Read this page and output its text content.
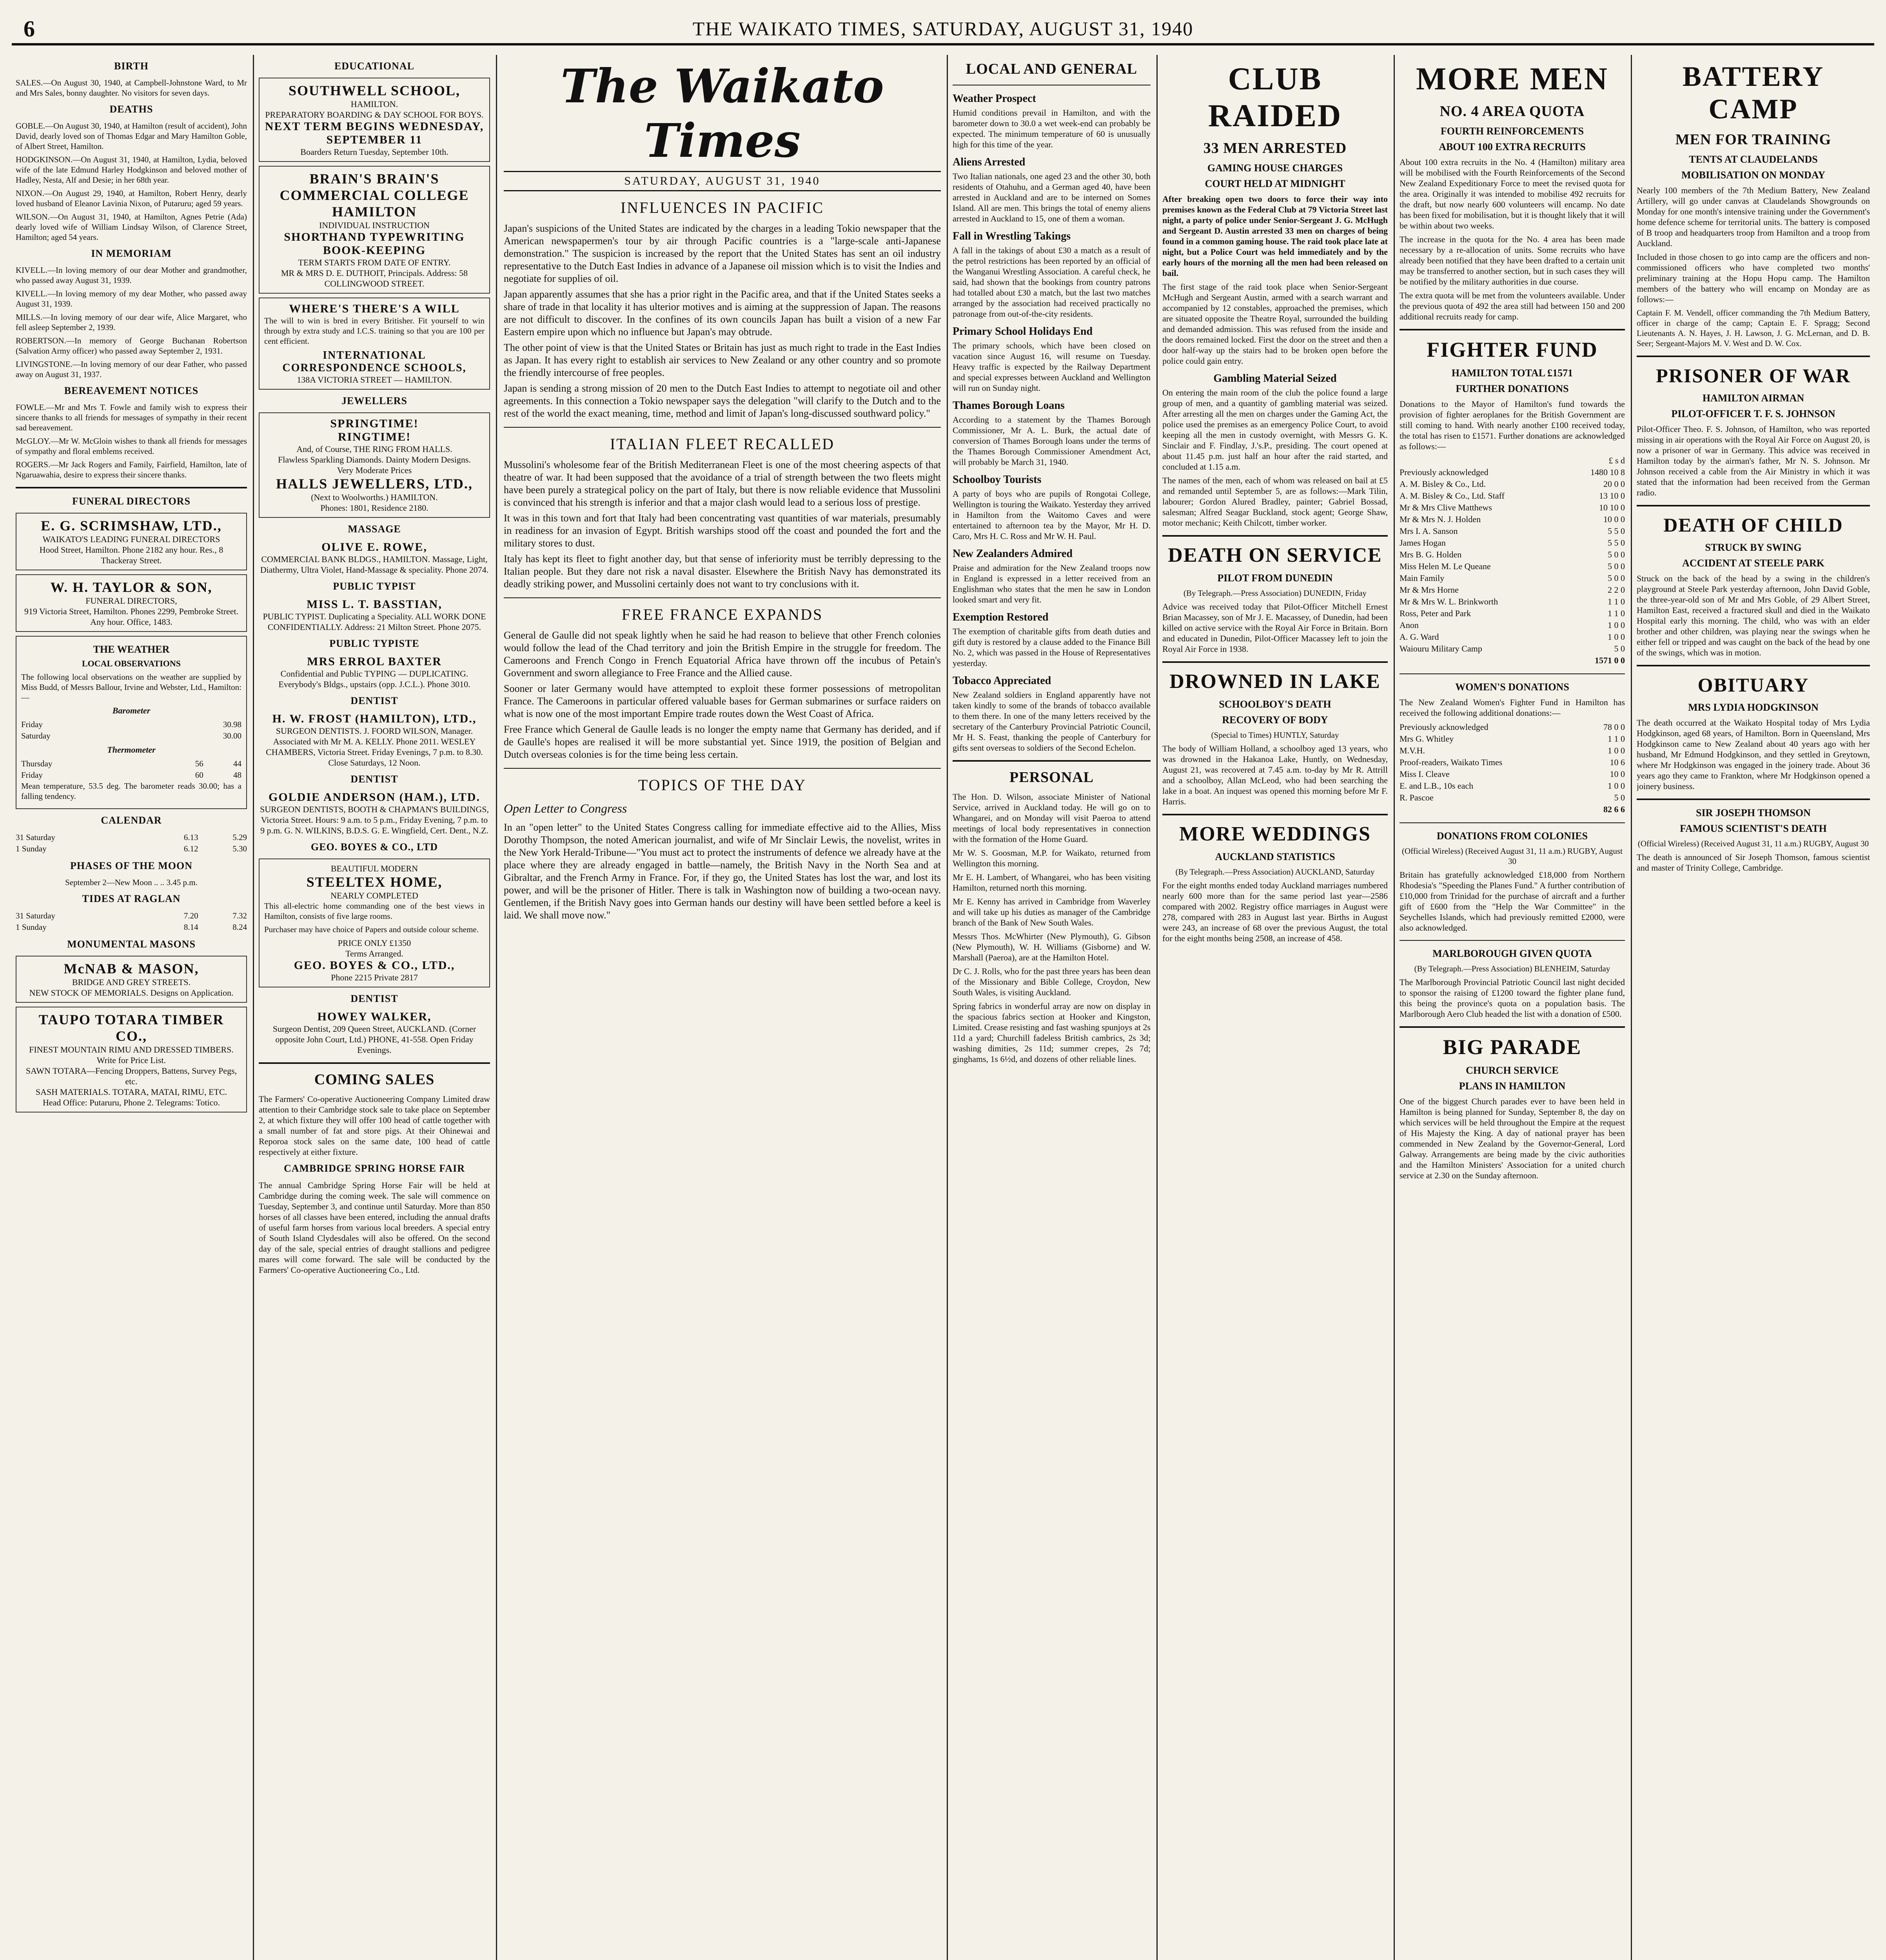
6	THE WAIKATO TIMES, SATURDAY, AUGUST 31, 1940
BIRTH
SALES.—On August 30, 1940, at Campbell-Johnstone Ward, to Mr and Mrs Sales, bonny daughter. No visitors for seven days.
DEATHS
GOBLE.—On August 30, 1940, at Hamilton (result of accident), John David, dearly loved son of Thomas Edgar and Mary Hamilton Goble, of Albert Street, Hamilton.
HODGKINSON.—On August 31, 1940, at Hamilton, Lydia, beloved wife of the late Edmund Harley Hodgkinson and beloved mother of Hadley, Nesta, Alf and Desie; in her 68th year.
NIXON.—On August 29, 1940, at Hamilton, Robert Henry, dearly loved husband of Eleanor Lavinia Nixon, of Putaruru; aged 59 years.
WILSON.—On August 31, 1940, at Hamilton, Agnes Petrie (Ada) dearly loved wife of William Lindsay Wilson, of Clarence Street, Hamilton; aged 54 years.
IN MEMORIAM
KIVELL.—In loving memory of our dear Mother and grandmother, who passed away August 31, 1939.
KIVELL.—In loving memory of my dear Mother, who passed away August 31, 1939.
MILLS.—In loving memory of our dear wife, Alice Margaret, who fell asleep September 2, 1939.
ROBERTSON.—In memory of George Buchanan Robertson (Salvation Army officer) who passed away September 2, 1931.
LIVINGSTONE.—In loving memory of our dear Father, who passed away on August 31, 1937.
BEREAVEMENT NOTICES
FOWLE.—Mr and Mrs T. Fowle and family wish to express their sincere thanks to all friends for messages of sympathy in their recent sad bereavement.
McGLOY.—Mr W. McGloin wishes to thank all friends for messages of sympathy and floral emblems received.
ROGERS.—Mr Jack Rogers and Family, Fairfield, Hamilton, late of Ngaruawahia, desire to express their sincere thanks.
FUNERAL DIRECTORS
E. G. SCRIMSHAW, LTD.,
WAIKATO'S LEADING FUNERAL DIRECTORS
Hood Street, Hamilton. Phone 2182 any hour. Res., 8 Thackeray Street.
W. H. TAYLOR & SON,
FUNERAL DIRECTORS,
919 Victoria Street, Hamilton. Phones 2299, Pembroke Street. Any hour. Office, 1483.
THE WEATHER
LOCAL OBSERVATIONS
The following local observations on the weather are supplied by Miss Budd, of Messrs Ballour, Irvine and Webster, Ltd., Hamilton:—
Barometer
Friday	30.98
Saturday	30.00
Thermometer
Thursday	56	44
Friday	60	48
Mean temperature, 53.5 deg. The barometer reads 30.00; has a falling tendency.
CALENDAR
31 Saturday	6.13	5.29
1 Sunday	6.12	5.30
PHASES OF THE MOON
September 2—New Moon .. .. 3.45 p.m.
TIDES AT RAGLAN
31 Saturday	7.20	7.32
1 Sunday	8.14	8.24
MONUMENTAL MASONS
McNAB & MASON,
BRIDGE AND GREY STREETS.
NEW STOCK OF MEMORIALS. Designs on Application.
TAUPO TOTARA TIMBER CO.,
FINEST MOUNTAIN RIMU AND DRESSED TIMBERS.
Write for Price List.
SAWN TOTARA—Fencing Droppers, Battens, Survey Pegs, etc.
SASH MATERIALS. TOTARA, MATAI, RIMU, ETC.
Head Office: Putaruru, Phone 2. Telegrams: Totico.
EDUCATIONAL
SOUTHWELL SCHOOL,
HAMILTON.
PREPARATORY BOARDING & DAY SCHOOL FOR BOYS.
NEXT TERM BEGINS WEDNESDAY, SEPTEMBER 11
Boarders Return Tuesday, September 10th.
BRAIN'S BRAIN'S COMMERCIAL COLLEGE HAMILTON
INDIVIDUAL INSTRUCTION
SHORTHAND TYPEWRITING BOOK-KEEPING
TERM STARTS FROM DATE OF ENTRY.
MR & MRS D. E. DUTHOIT, Principals. Address: 58 COLLINGWOOD STREET.
WHERE'S THERE'S A WILL
The will to win is bred in every Britisher. Fit yourself to win through by extra study and I.C.S. training so that you are 100 per cent efficient.
INTERNATIONAL CORRESPONDENCE SCHOOLS,
138A VICTORIA STREET — HAMILTON.
JEWELLERS
SPRINGTIME!
RINGTIME!
And, of Course, THE RING FROM HALLS.
Flawless Sparkling Diamonds. Dainty Modern Designs.
Very Moderate Prices
HALLS JEWELLERS, LTD.,
(Next to Woolworths.) HAMILTON.
Phones: 1801, Residence 2180.
MASSAGE
OLIVE E. ROWE,
COMMERCIAL BANK BLDGS., HAMILTON. Massage, Light, Diathermy, Ultra Violet, Hand-Massage & speciality. Phone 2074.
PUBLIC TYPIST
MISS L. T. BASSTIAN,
PUBLIC TYPIST. Duplicating a Speciality. ALL WORK DONE CONFIDENTIALLY. Address: 21 Milton Street. Phone 2075.
PUBLIC TYPISTE
MRS ERROL BAXTER
Confidential and Public TYPING — DUPLICATING. Everybody's Bldgs., upstairs (opp. J.C.L.). Phone 3010.
DENTIST
H. W. FROST (HAMILTON), LTD.,
SURGEON DENTISTS. J. FOORD WILSON, Manager. Associated with Mr M. A. KELLY. Phone 2011. WESLEY CHAMBERS, Victoria Street. Friday Evenings, 7 p.m. to 8.30. Close Saturdays, 12 Noon.
DENTIST
GOLDIE ANDERSON (HAM.), LTD.
SURGEON DENTISTS, BOOTH & CHAPMAN'S BUILDINGS, Victoria Street. Hours: 9 a.m. to 5 p.m., Friday Evening, 7 p.m. to 9 p.m. G. N. WILKINS, B.D.S. G. E. Wingfield, Cert. Dent., N.Z.
GEO. BOYES & CO., LTD
BEAUTIFUL MODERN
STEELTEX HOME,
NEARLY COMPLETED
This all-electric home commanding one of the best views in Hamilton, consists of five large rooms.
Purchaser may have choice of Papers and outside colour scheme.
PRICE ONLY £1350
Terms Arranged.
GEO. BOYES & CO., LTD.,
Phone 2215 Private 2817
DENTIST
HOWEY WALKER,
Surgeon Dentist, 209 Queen Street, AUCKLAND. (Corner opposite John Court, Ltd.) PHONE, 41-558. Open Friday Evenings.
COMING SALES
The Farmers' Co-operative Auctioneering Company Limited draw attention to their Cambridge stock sale to take place on September 2, at which fixture they will offer 100 head of cattle together with a small number of fat and store pigs. At their Ohinewai and Reporoa stock sales on the same date, 100 head of cattle respectively at either fixture.
CAMBRIDGE SPRING HORSE FAIR
The annual Cambridge Spring Horse Fair will be held at Cambridge during the coming week. The sale will commence on Tuesday, September 3, and continue until Saturday. More than 850 horses of all classes have been entered, including the annual drafts of useful farm horses from various local breeders. A special entry of South Island Clydesdales will also be offered. On the second day of the sale, special entries of draught stallions and pedigree mares will come forward. The sale will be conducted by the Farmers' Co-operative Auctioneering Co., Ltd.
The Waikato Times
SATURDAY, AUGUST 31, 1940
INFLUENCES IN PACIFIC
Japan's suspicions of the United States are indicated by the charges in a leading Tokio newspaper that the American newspapermen's tour by air through Pacific countries is a "large-scale anti-Japanese demonstration." The suspicion is increased by the report that the United States has sent an oil industry representative to the Dutch East Indies in advance of a Japanese oil mission which is to visit the Indies and negotiate for supplies of oil.
Japan apparently assumes that she has a prior right in the Pacific area, and that if the United States seeks a share of trade in that locality it has ulterior motives and is aiming at the suppression of Japan. The reasons are not difficult to discover. In the confines of its own councils Japan has built a vision of a new Far Eastern empire upon which no influence but Japan's may obtrude.
The other point of view is that the United States or Britain has just as much right to trade in the East Indies as Japan. It has every right to establish air services to New Zealand or any other country and so promote the friendly intercourse of free peoples.
Japan is sending a strong mission of 20 men to the Dutch East Indies to attempt to negotiate oil and other agreements. In this connection a Tokio newspaper says the delegation "will clarify to the Dutch and to the rest of the world the exact meaning, time, method and limit of Japan's long-discussed southward policy."
ITALIAN FLEET RECALLED
Mussolini's wholesome fear of the British Mediterranean Fleet is one of the most cheering aspects of that theatre of war. It had been supposed that the avoidance of a trial of strength between the two fleets might have been purely a strategical policy on the part of Italy, but there is now reliable evidence that Mussolini is convinced that his strength is inferior and that a major clash would lead to a serious loss of prestige.
It was in this town and fort that Italy had been concentrating vast quantities of war materials, presumably in readiness for an invasion of Egypt. British warships stood off the coast and pounded the fort and the military stores to dust.
Italy has kept its fleet to fight another day, but that sense of inferiority must be terribly depressing to the Italian people. But they dare not risk a naval disaster. Elsewhere the British Navy has demonstrated its deadly striking power, and Mussolini certainly does not want to try conclusions with it.
FREE FRANCE EXPANDS
General de Gaulle did not speak lightly when he said he had reason to believe that other French colonies would follow the lead of the Chad territory and join the British Empire in the struggle for freedom. The Cameroons and French Congo in French Equatorial Africa have thrown off the incubus of Petain's Government and sworn allegiance to Free France and the Allied cause.
Sooner or later Germany would have attempted to exploit these former possessions of metropolitan France. The Cameroons in particular offered valuable bases for German submarines or surface raiders on what is now one of the most important Empire trade routes down the West Coast of Africa.
Free France which General de Gaulle leads is no longer the empty name that Germany has derided, and if de Gaulle's hopes are realised it will be more substantial yet. Since 1919, the position of Belgian and Dutch overseas colonies is for the time being less certain.
TOPICS OF THE DAY
Open Letter to Congress
In an "open letter" to the United States Congress calling for immediate effective aid to the Allies, Miss Dorothy Thompson, the noted American journalist, and wife of Mr Sinclair Lewis, the novelist, writes in the New York Herald-Tribune—"You must act to protect the instruments of defence we already have at the place where they are already engaged in battle—namely, the British Navy in the North Sea and at Gibraltar, and the French Army in France. For, if they go, the United States has lost the war, and lost its power, and will be the prisoner of Hitler. There is talk in Washington now of building a two-ocean navy. Gentlemen, if the British Navy goes into German hands our destiny will have been settled before a keel is laid. We shall move now."
LOCAL AND GENERAL
Weather Prospect
Humid conditions prevail in Hamilton, and with the barometer down to 30.0 a wet week-end can probably be expected. The minimum temperature of 60 is unusually high for this time of the year.
Aliens Arrested
Two Italian nationals, one aged 23 and the other 30, both residents of Otahuhu, and a German aged 40, have been arrested in Auckland and are to be interned on Somes Island. All are men. This brings the total of enemy aliens arrested in Auckland to 15, one of them a woman.
Fall in Wrestling Takings
A fall in the takings of about £30 a match as a result of the petrol restrictions has been reported by an official of the Wanganui Wrestling Association. A careful check, he said, had shown that the bookings from country patrons had totalled about £30 a match, but the last two matches arranged by the association had received practically no patronage from out-of-the-city residents.
Primary School Holidays End
The primary schools, which have been closed on vacation since August 16, will resume on Tuesday. Heavy traffic is expected by the Railway Department and special expresses between Auckland and Wellington will run on Sunday night.
Thames Borough Loans
According to a statement by the Thames Borough Commissioner, Mr A. L. Burk, the actual date of conversion of Thames Borough loans under the terms of the Thames Borough Commissioner Amendment Act, will probably be March 31, 1940.
Schoolboy Tourists
A party of boys who are pupils of Rongotai College, Wellington is touring the Waikato. Yesterday they arrived in Hamilton from the Waitomo Caves and were entertained to afternoon tea by the Mayor, Mr H. D. Caro, Mrs H. C. Ross and Mr W. H. Paul.
New Zealanders Admired
Praise and admiration for the New Zealand troops now in England is expressed in a letter received from an Englishman who states that the men he saw in London looked smart and very fit.
Exemption Restored
The exemption of charitable gifts from death duties and gift duty is restored by a clause added to the Finance Bill No. 2, which was passed in the House of Representatives yesterday.
Tobacco Appreciated
New Zealand soldiers in England apparently have not taken kindly to some of the brands of tobacco available to them there. In one of the many letters received by the secretary of the Canterbury Provincial Patriotic Council, Mr H. S. Feast, thanking the people of Canterbury for gifts sent overseas to soldiers of the Second Echelon.
PERSONAL
The Hon. D. Wilson, associate Minister of National Service, arrived in Auckland today. He will go on to Whangarei, and on Monday will visit Paeroa to attend meetings of local body representatives in connection with the formation of the Home Guard.
Mr W. S. Goosman, M.P. for Waikato, returned from Wellington this morning.
Mr E. H. Lambert, of Whangarei, who has been visiting Hamilton, returned north this morning.
Mr E. Kenny has arrived in Cambridge from Waverley and will take up his duties as manager of the Cambridge branch of the Bank of New South Wales.
Messrs Thos. McWhirter (New Plymouth), G. Gibson (New Plymouth), W. H. Williams (Gisborne) and W. Marshall (Paeroa), are at the Hamilton Hotel.
Dr C. J. Rolls, who for the past three years has been dean of the Missionary and Bible College, Croydon, New South Wales, is visiting Auckland.
Spring fabrics in wonderful array are now on display in the spacious fabrics section at Hooker and Kingston, Limited. Crease resisting and fast washing spunjoys at 2s 11d a yard; Churchill fadeless British cambrics, 2s 3d; washing dimities, 2s 11d; summer crepes, 2s 7d; ginghams, 1s 6½d, and dozens of other reliable lines.
CLUB RAIDED
33 MEN ARRESTED
GAMING HOUSE CHARGES
COURT HELD AT MIDNIGHT
After breaking open two doors to force their way into premises known as the Federal Club at 79 Victoria Street last night, a party of police under Senior-Sergeant J. G. McHugh and Sergeant D. Austin arrested 33 men on charges of being found in a common gaming house. The raid took place late at night, but a Police Court was held immediately and by the early hours of the morning all the men had been released on bail.
The first stage of the raid took place when Senior-Sergeant McHugh and Sergeant Austin, armed with a search warrant and accompanied by 12 constables, approached the premises, which are situated opposite the Theatre Royal, surrounded the building and demanded admission. This was refused from the inside and the doors remained locked. First the door on the street and then a door half-way up the stairs had to be broken open before the police could gain entry.
Gambling Material Seized
On entering the main room of the club the police found a large group of men, and a quantity of gambling material was seized. After arresting all the men on charges under the Gaming Act, the police used the premises as an emergency Police Court, to avoid keeping all the men in custody overnight, with Messrs G. K. Sinclair and F. Findlay, J.'s.P., presiding. The court opened at about 11.45 p.m. just half an hour after the raid started, and concluded at 1.15 a.m.
The names of the men, each of whom was released on bail at £5 and remanded until September 5, are as follows:—Mark Tilin, labourer; Gordon Alured Bradley, painter; Gabriel Bossad, salesman; Alfred Seagar Buckland, stock agent; George Shaw, motor mechanic; Keith Chilcott, timber worker.
DEATH ON SERVICE
PILOT FROM DUNEDIN
(By Telegraph.—Press Association) DUNEDIN, Friday
Advice was received today that Pilot-Officer Mitchell Ernest Brian Macassey, son of Mr J. E. Macassey, of Dunedin, had been killed on active service with the Royal Air Force in Britain. Born and educated in Dunedin, Pilot-Officer Macassey left to join the Royal Air Force in 1938.
DROWNED IN LAKE
SCHOOLBOY'S DEATH
RECOVERY OF BODY
(Special to Times) HUNTLY, Saturday
The body of William Holland, a schoolboy aged 13 years, who was drowned in the Hakanoa Lake, Huntly, on Wednesday, August 21, was recovered at 7.45 a.m. to-day by Mr R. Attrill and a schoolboy, Allan McLeod, who had been searching the lake in a boat. An inquest was opened this morning before Mr F. Harris.
MORE WEDDINGS
AUCKLAND STATISTICS
(By Telegraph.—Press Association) AUCKLAND, Saturday
For the eight months ended today Auckland marriages numbered nearly 600 more than for the same period last year—2586 compared with 2002. Registry office marriages in August were 278, compared with 283 in August last year. Births in August were 243, an increase of 68 over the previous August, the total for the eight months being 2508, an increase of 458.
MORE MEN
NO. 4 AREA QUOTA
FOURTH REINFORCEMENTS
ABOUT 100 EXTRA RECRUITS
About 100 extra recruits in the No. 4 (Hamilton) military area will be mobilised with the Fourth Reinforcements of the Second New Zealand Expeditionary Force to meet the revised quota for the area. Originally it was intended to mobilise 492 recruits for the draft, but now nearly 600 volunteers will encamp. No date has been fixed for mobilisation, but it is thought likely that it will be within about two weeks.
The increase in the quota for the No. 4 area has been made necessary by a re-allocation of units. Some recruits who have already been notified that they have been drafted to a certain unit may be transferred to another section, but in such cases they will be notified by the military authorities in due course.
The extra quota will be met from the volunteers available. Under the previous quota of 492 the area still had between 150 and 200 additional recruits ready for camp.
FIGHTER FUND
HAMILTON TOTAL £1571
FURTHER DONATIONS
Donations to the Mayor of Hamilton's fund towards the provision of fighter aeroplanes for the British Government are still coming to hand. With nearly another £100 received today, the total has risen to £1571. Further donations are acknowledged as follows:—
	£ s d
Previously acknowledged	1480 10 8
A. M. Bisley & Co., Ltd.	20 0 0
A. M. Bisley & Co., Ltd. Staff	13 10 0
Mr & Mrs Clive Matthews	10 10 0
Mr & Mrs N. J. Holden	10 0 0
Mrs I. A. Sanson	5 5 0
James Hogan	5 5 0
Mrs B. G. Holden	5 0 0
Miss Helen M. Le Queane	5 0 0
Main Family	5 0 0
Mr & Mrs Horne	2 2 0
Mr & Mrs W. L. Brinkworth	1 1 0
Ross, Peter and Park	1 1 0
Anon	1 0 0
A. G. Ward	1 0 0
Waiouru Military Camp	5 0
	1571 0 0
WOMEN'S DONATIONS
The New Zealand Women's Fighter Fund in Hamilton has received the following additional donations:—
Previously acknowledged	78 0 0
Mrs G. Whitley	1 1 0
M.V.H.	1 0 0
Proof-readers, Waikato Times	10 6
Miss I. Cleave	10 0
E. and L.B., 10s each	1 0 0
R. Pascoe	5 0
	82 6 6
DONATIONS FROM COLONIES
(Official Wireless) (Received August 31, 11 a.m.) RUGBY, August 30
Britain has gratefully acknowledged £18,000 from Northern Rhodesia's "Speeding the Planes Fund." A further contribution of £10,000 from Trinidad for the purchase of aircraft and a further gift of £600 from the "Help the War Committee" in the Seychelles Islands, which had previously remitted £2000, were also acknowledged.
MARLBOROUGH GIVEN QUOTA
(By Telegraph.—Press Association) BLENHEIM, Saturday
The Marlborough Provincial Patriotic Council last night decided to sponsor the raising of £1200 toward the fighter plane fund, this being the province's quota on a population basis. The Marlborough Aero Club headed the list with a donation of £500.
BIG PARADE
CHURCH SERVICE
PLANS IN HAMILTON
One of the biggest Church parades ever to have been held in Hamilton is being planned for Sunday, September 8, the day on which services will be held throughout the Empire at the request of His Majesty the King. A day of national prayer has been commended in New Zealand by the Governor-General, Lord Galway. Arrangements are being made by the civic authorities and the Hamilton Ministers' Association for a united church service at 2.30 on the Sunday afternoon.
BATTERY CAMP
MEN FOR TRAINING
TENTS AT CLAUDELANDS
MOBILISATION ON MONDAY
Nearly 100 members of the 7th Medium Battery, New Zealand Artillery, will go under canvas at Claudelands Showgrounds on Monday for one month's intensive training under the Government's home defence scheme for territorial units. The battery is composed of B troop and headquarters troop from Hamilton and a troop from Auckland.
Included in those chosen to go into camp are the officers and non-commissioned officers who have completed two months' preliminary training at the Hopu Hopu camp. The Hamilton members of the battery who will encamp on Monday are as follows:—
Captain F. M. Vendell, officer commanding the 7th Medium Battery, officer in charge of the camp; Captain E. F. Spragg; Second Lieutenants A. N. Hayes, J. H. Lawson, J. G. McLernan, and D. B. Seer; Sergeant-Majors M. V. West and D. W. Cox.
PRISONER OF WAR
HAMILTON AIRMAN
PILOT-OFFICER T. F. S. JOHNSON
Pilot-Officer Theo. F. S. Johnson, of Hamilton, who was reported missing in air operations with the Royal Air Force on August 20, is now a prisoner of war in Germany. This advice was received in Hamilton today by the airman's father, Mr N. S. Johnson. Mr Johnson received a cable from the Air Ministry in which it was stated that the information had been received from the German radio.
DEATH OF CHILD
STRUCK BY SWING
ACCIDENT AT STEELE PARK
Struck on the back of the head by a swing in the children's playground at Steele Park yesterday afternoon, John David Goble, the three-year-old son of Mr and Mrs Goble, of 29 Albert Street, Hamilton East, received a fractured skull and died in the Waikato Hospital early this morning. The child, who was with an elder brother and other children, was playing near the swings when he either fell or tripped and was caught on the back of the head by one of the swings, which was in motion.
OBITUARY
MRS LYDIA HODGKINSON
The death occurred at the Waikato Hospital today of Mrs Lydia Hodgkinson, aged 68 years, of Hamilton. Born in Queensland, Mrs Hodgkinson came to New Zealand about 40 years ago with her husband, Mr Edmund Hodgkinson, and they settled in Greytown, where Mr Hodgkinson was engaged in the joinery trade. About 36 years ago they came to Frankton, where Mr Hodgkinson opened a joinery business.
SIR JOSEPH THOMSON
FAMOUS SCIENTIST'S DEATH
(Official Wireless) (Received August 31, 11 a.m.) RUGBY, August 30
The death is announced of Sir Joseph Thomson, famous scientist and master of Trinity College, Cambridge.
